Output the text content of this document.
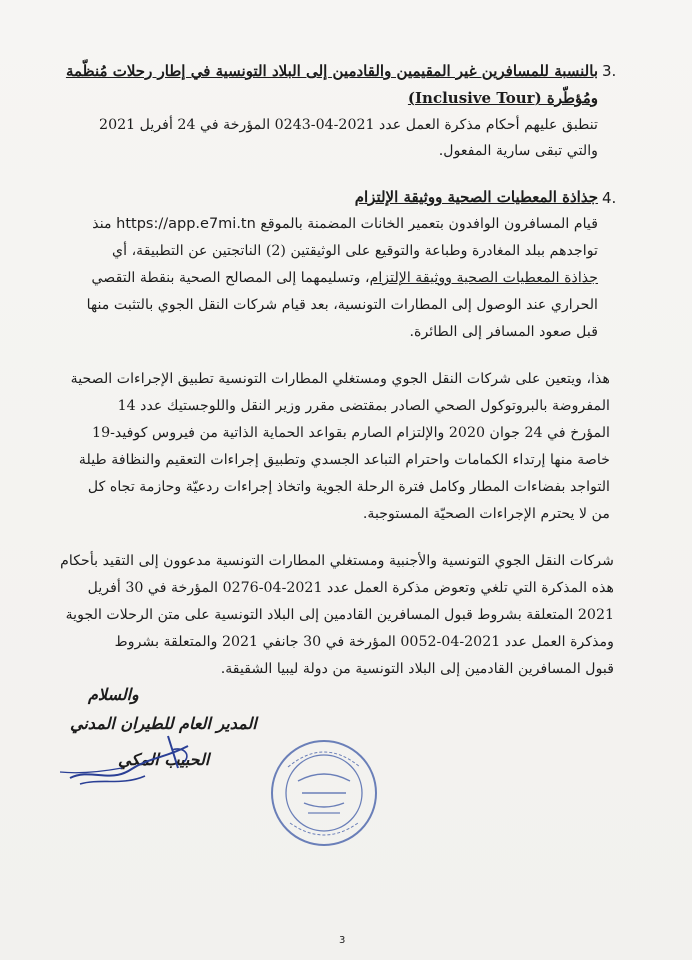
3.
بالنسبة للمسافرين غير المقيمين والقادمين إلى البلاد التونسية في إطار رحلات مُنظّمة
ومُؤطّرة (Inclusive Tour)
تنطبق عليهم أحكام مذكرة العمل عدد 2021-04-0243 المؤرخة في 24 أفريل 2021
والتي تبقى سارية المفعول.
4.
جذاذة المعطيات الصحية ووثيقة الإلتزام
قيام المسافرون الوافدون بتعمير الخانات المضمنة بالموقع https://app.e7mi.tn منذ
تواجدهم ببلد المغادرة وطباعة والتوقيع على الوثيقتين (2) الناتجتين عن التطبيقة، أي
جذاذة المعطيات الصحية ووثيقة الإلتزام، وتسليمهما إلى المصالح الصحية بنقطة التقصي
الحراري عند الوصول إلى المطارات التونسية، بعد قيام شركات النقل الجوي بالتثبت منها
قبل صعود المسافر إلى الطائرة.
هذا، ويتعين على شركات النقل الجوي ومستغلي المطارات التونسية تطبيق الإجراءات الصحية
المفروضة بالبروتوكول الصحي الصادر بمقتضى مقرر وزير النقل واللوجستيك عدد 14
المؤرخ في 24 جوان 2020 والإلتزام الصارم بقواعد الحماية الذاتية من فيروس كوفيد-19
خاصة منها إرتداء الكمامات واحترام التباعد الجسدي وتطبيق إجراءات التعقيم والنظافة طيلة
التواجد بفضاءات المطار وكامل فترة الرحلة الجوية واتخاذ إجراءات ردعيّة وحازمة تجاه كل
من لا يحترم الإجراءات الصحيّة المستوجبة.
شركات النقل الجوي التونسية والأجنبية ومستغلي المطارات التونسية مدعوون إلى التقيد بأحكام
هذه المذكرة التي تلغي وتعوض مذكرة العمل عدد 2021-04-0276 المؤرخة في 30 أفريل
2021 المتعلقة بشروط قبول المسافرين القادمين إلى البلاد التونسية على متن الرحلات الجوية
ومذكرة العمل عدد 2021-04-0052 المؤرخة في 30 جانفي 2021 والمتعلقة بشروط
قبول المسافرين القادمين إلى البلاد التونسية من دولة ليبيا الشقيقة.
والسلام
المدير العام للطيران المدني
الحبيب المكي
3
